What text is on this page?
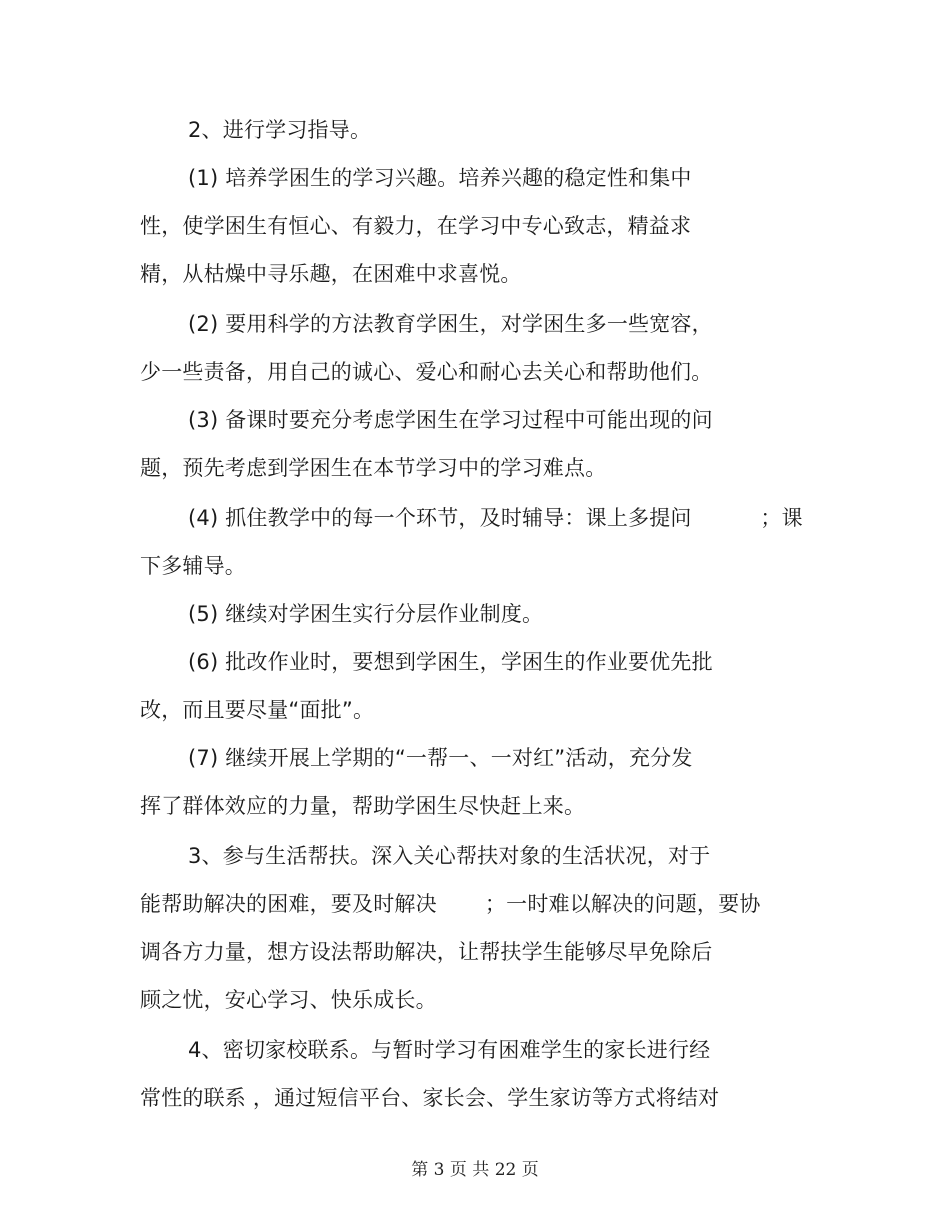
2、进行学习指导。
(1) 培养学困生的学习兴趣。培养兴趣的稳定性和集中
性，使学困生有恒心、有毅力，在学习中专心致志，精益求
精，从枯燥中寻乐趣，在困难中求喜悦。
(2) 要用科学的方法教育学困生，对学困生多一些宽容，
少一些责备，用自己的诚心、爱心和耐心去关心和帮助他们。
(3) 备课时要充分考虑学困生在学习过程中可能出现的问
题，预先考虑到学困生在本节学习中的学习难点。
(4) 抓住教学中的每一个环节，及时辅导：课上多提问          ；课
下多辅导。
(5) 继续对学困生实行分层作业制度。
(6) 批改作业时，要想到学困生，学困生的作业要优先批
改，而且要尽量“面批”。
(7) 继续开展上学期的“一帮一、一对红”活动，充分发
挥了群体效应的力量，帮助学困生尽快赶上来。
3、参与生活帮扶。深入关心帮扶对象的生活状况，对于
能帮助解决的困难，要及时解决       ；一时难以解决的问题，要协
调各方力量，想方设法帮助解决，让帮扶学生能够尽早免除后
顾之忧，安心学习、快乐成长。
4、密切家校联系。与暂时学习有困难学生的家长进行经
常性的联系 ，通过短信平台、家长会、学生家访等方式将结对
第 3 页 共 22 页
